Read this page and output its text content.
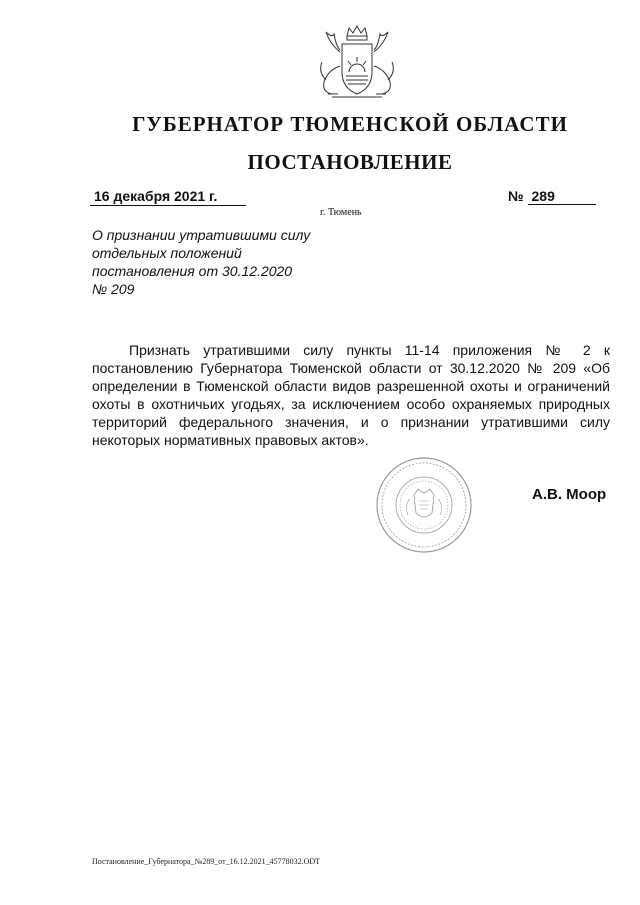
ГУБЕРНАТОР ТЮМЕНСКОЙ ОБЛАСТИ
ПОСТАНОВЛЕНИЕ
16 декабря 2021 г.	№ 289
г. Тюмень
О признании утратившими силу
отдельных положений
постановления от 30.12.2020
№ 209
Признать утратившими силу пункты 11-14 приложения № 2 к постановлению Губернатора Тюменской области от 30.12.2020 № 209 «Об определении в Тюменской области видов разрешенной охоты и ограничений охоты в охотничьих угодьях, за исключением особо охраняемых природных территорий федерального значения, и о признании утратившими силу некоторых нормативных правовых актов».
А.В. Моор
Постановление_Губернатора_№289_от_16.12.2021_45778032.ODT
